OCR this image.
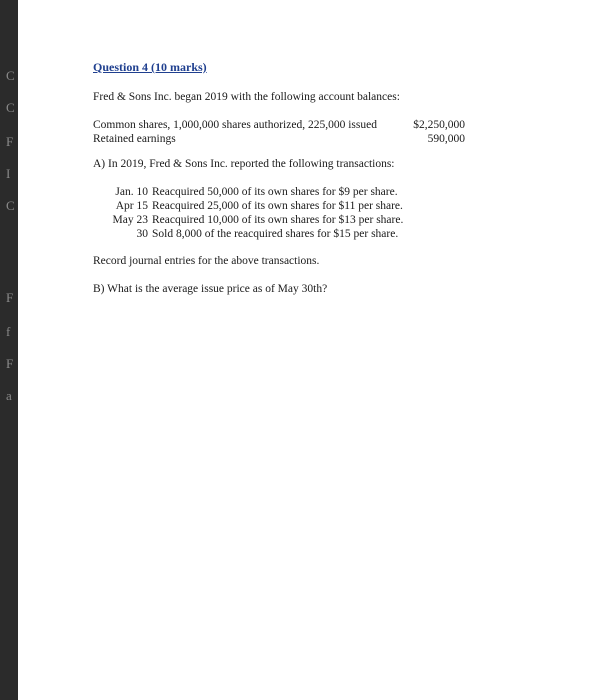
C
C
F
I
C
F
f
F
a

Question 4 (10 marks)

Fred & Sons Inc. began 2019 with the following account balances:

Common shares, 1,000,000 shares authorized, 225,000 issued	$2,250,000
Retained earnings	590,000

A) In 2019, Fred & Sons Inc. reported the following transactions:

Jan. 10	Reacquired 50,000 of its own shares for $9 per share.
Apr 15	Reacquired 25,000 of its own shares for $11 per share.
May 23	Reacquired 10,000 of its own shares for $13 per share.
30	Sold 8,000 of the reacquired shares for $15 per share.

Record journal entries for the above transactions.

B) What is the average issue price as of May 30th?
